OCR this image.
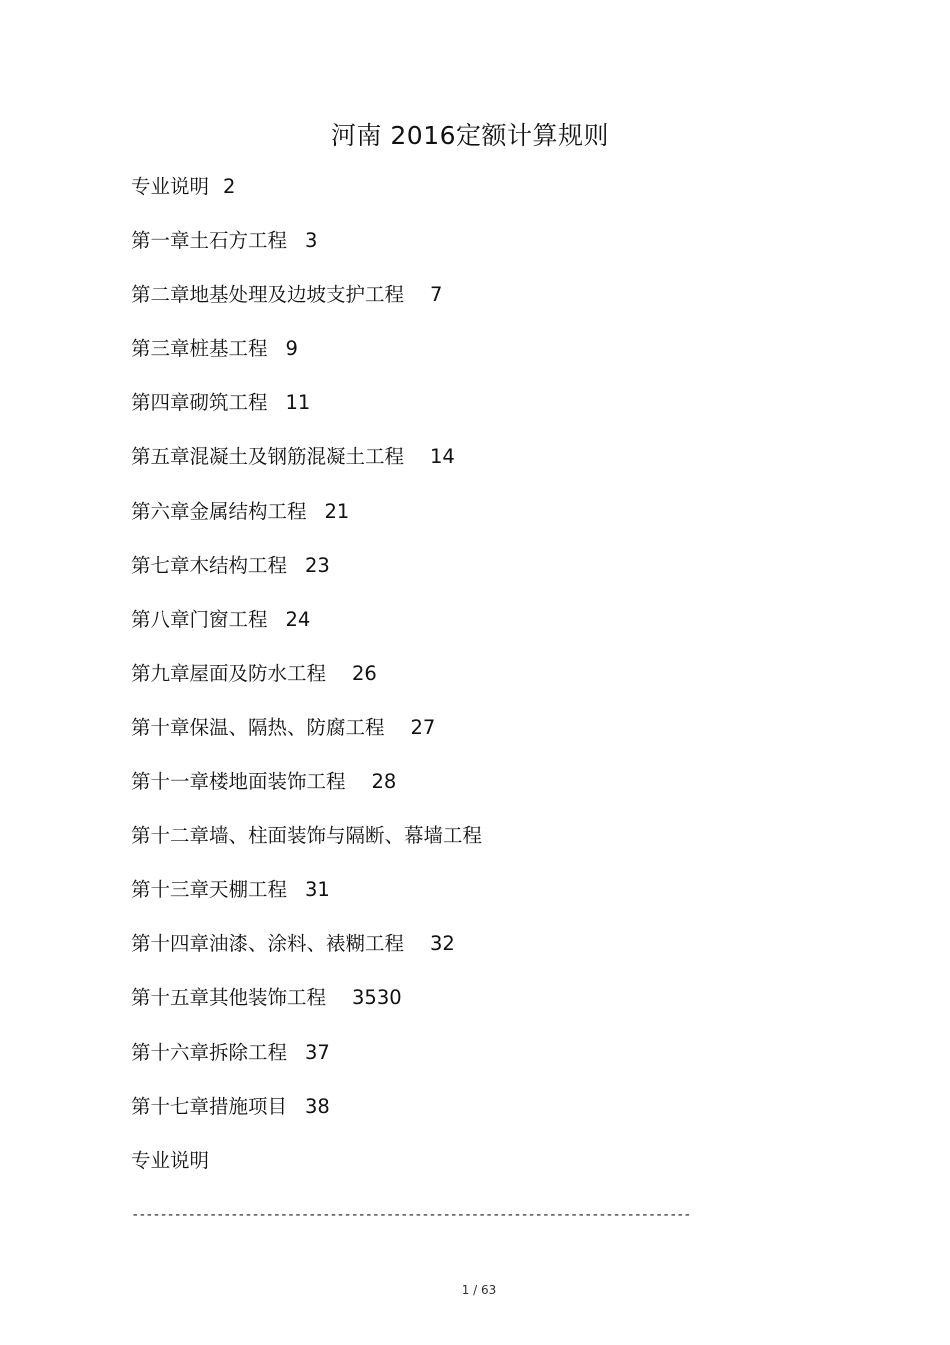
河南 2016定额计算规则
专业说明 2
第一章土石方工程 3
第二章地基处理及边坡支护工程 7
第三章桩基工程 9
第四章砌筑工程 11
第五章混凝土及钢筋混凝土工程 14
第六章金属结构工程 21
第七章木结构工程 23
第八章门窗工程 24
第九章屋面及防水工程 26
第十章保温、隔热、防腐工程 27
第十一章楼地面装饰工程 28
第十二章墙、柱面装饰与隔断、幕墙工程
第十三章天棚工程 31
第十四章油漆、涂料、裱糊工程 32
第十五章其他装饰工程 3530
第十六章拆除工程 37
第十七章措施项目 38
专业说明
-------------------------------------------------------------------------------
1 / 63
